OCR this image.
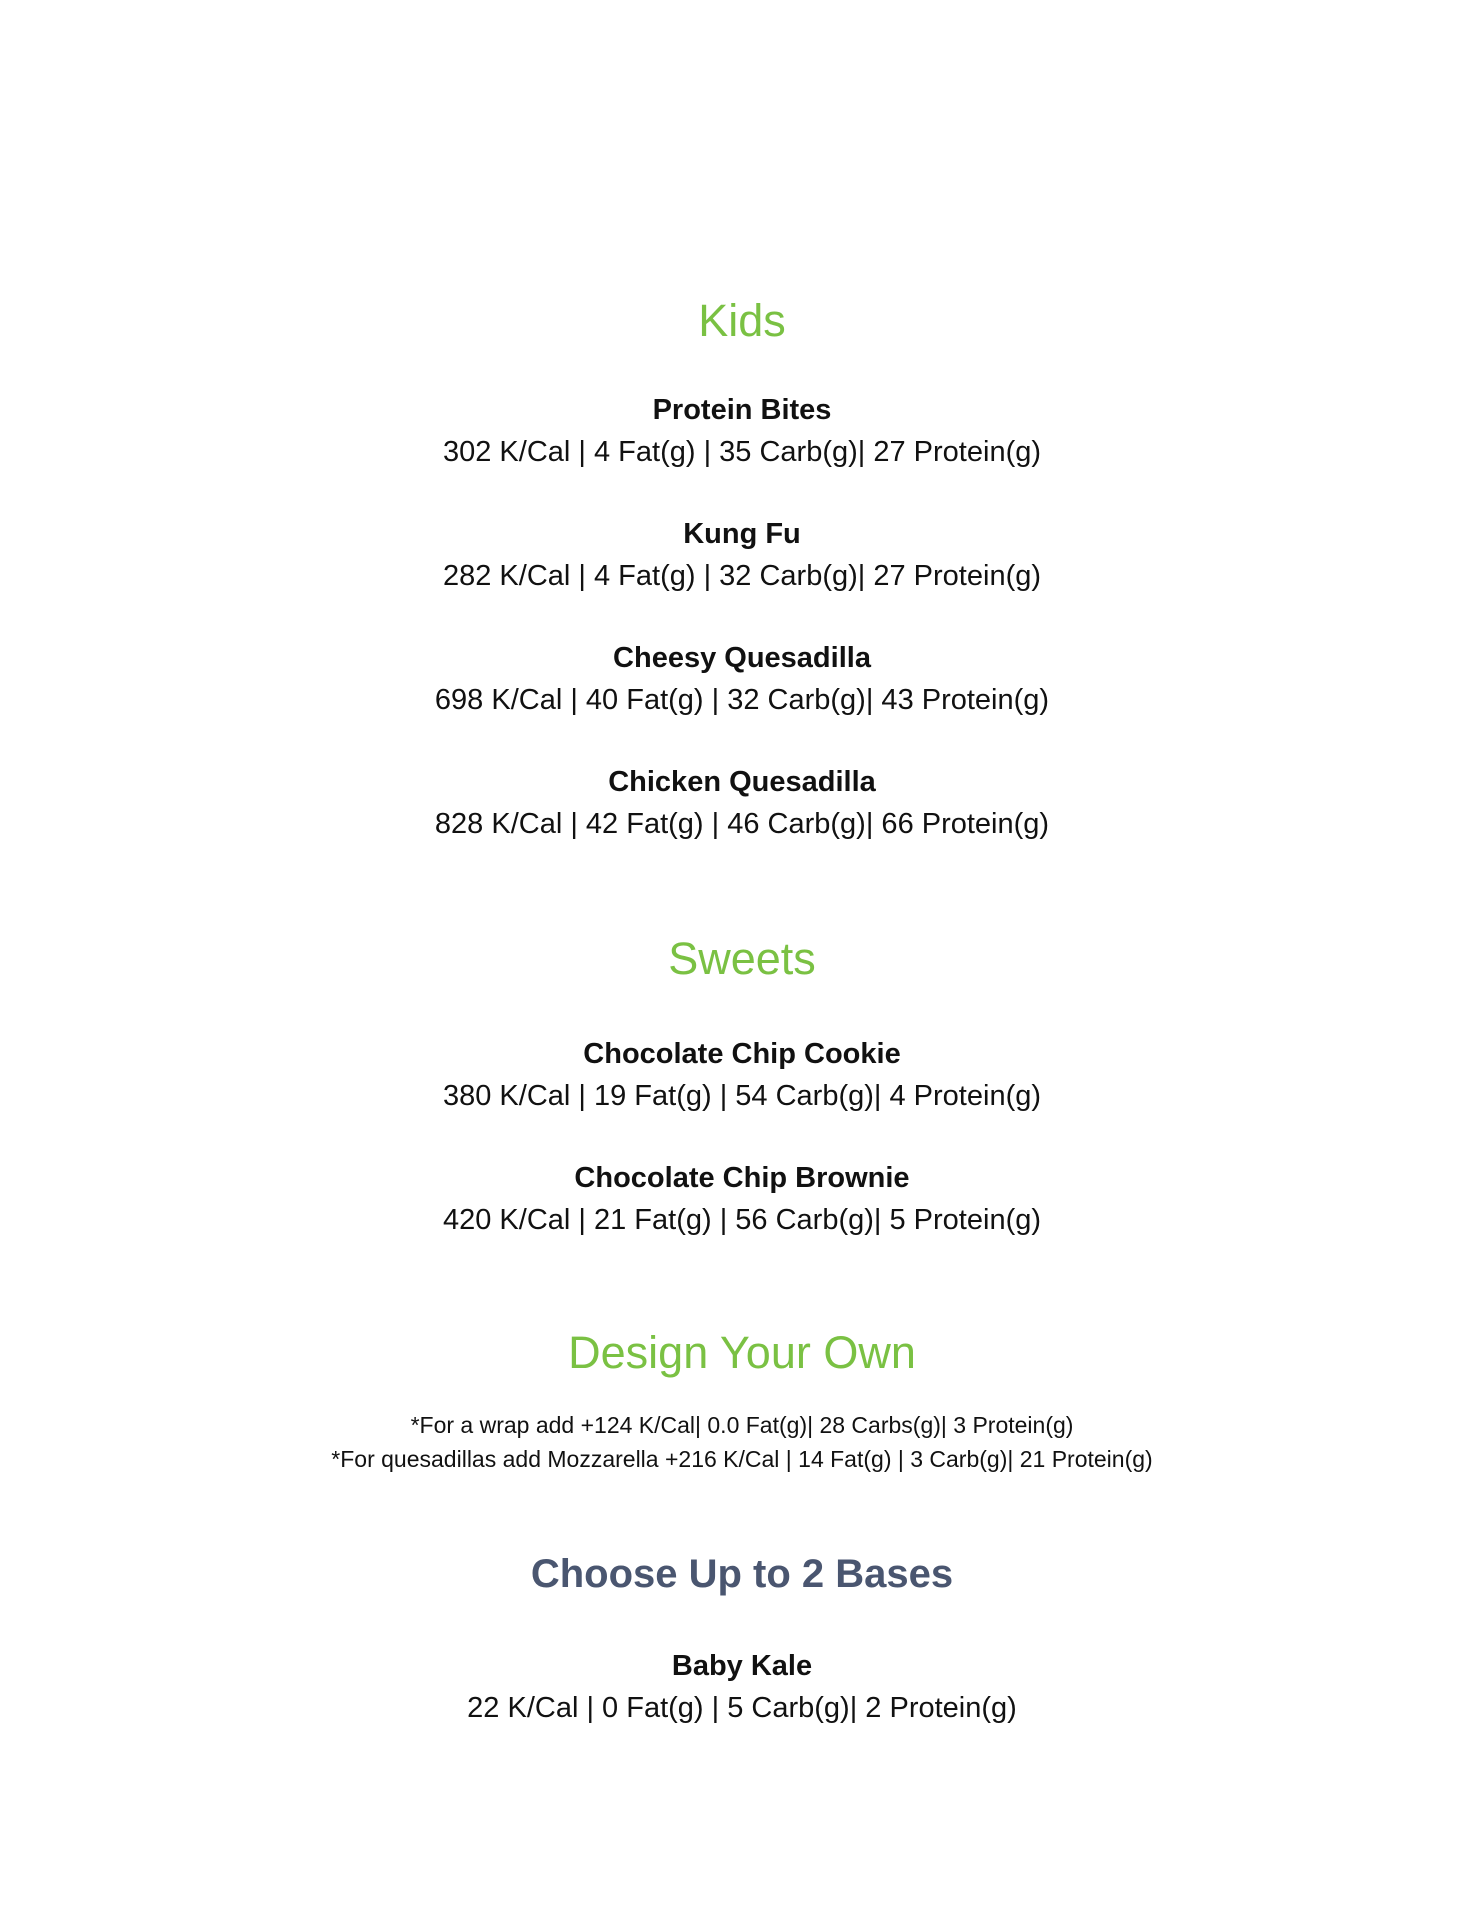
Kids
Protein Bites
302 K/Cal | 4 Fat(g) | 35 Carb(g)| 27 Protein(g)
Kung Fu
282 K/Cal | 4 Fat(g) | 32 Carb(g)| 27 Protein(g)
Cheesy Quesadilla
698 K/Cal | 40 Fat(g) | 32 Carb(g)| 43 Protein(g)
Chicken Quesadilla
828 K/Cal | 42 Fat(g) | 46 Carb(g)| 66 Protein(g)
Sweets
Chocolate Chip Cookie
380 K/Cal | 19 Fat(g) | 54 Carb(g)| 4 Protein(g)
Chocolate Chip Brownie
420 K/Cal | 21 Fat(g) | 56 Carb(g)| 5 Protein(g)
Design Your Own
*For a wrap add +124 K/Cal| 0.0 Fat(g)| 28 Carbs(g)| 3 Protein(g)
*For quesadillas add Mozzarella +216 K/Cal | 14 Fat(g) | 3 Carb(g)| 21 Protein(g)
Choose Up to 2 Bases
Baby Kale
22 K/Cal | 0 Fat(g) | 5 Carb(g)| 2 Protein(g)
